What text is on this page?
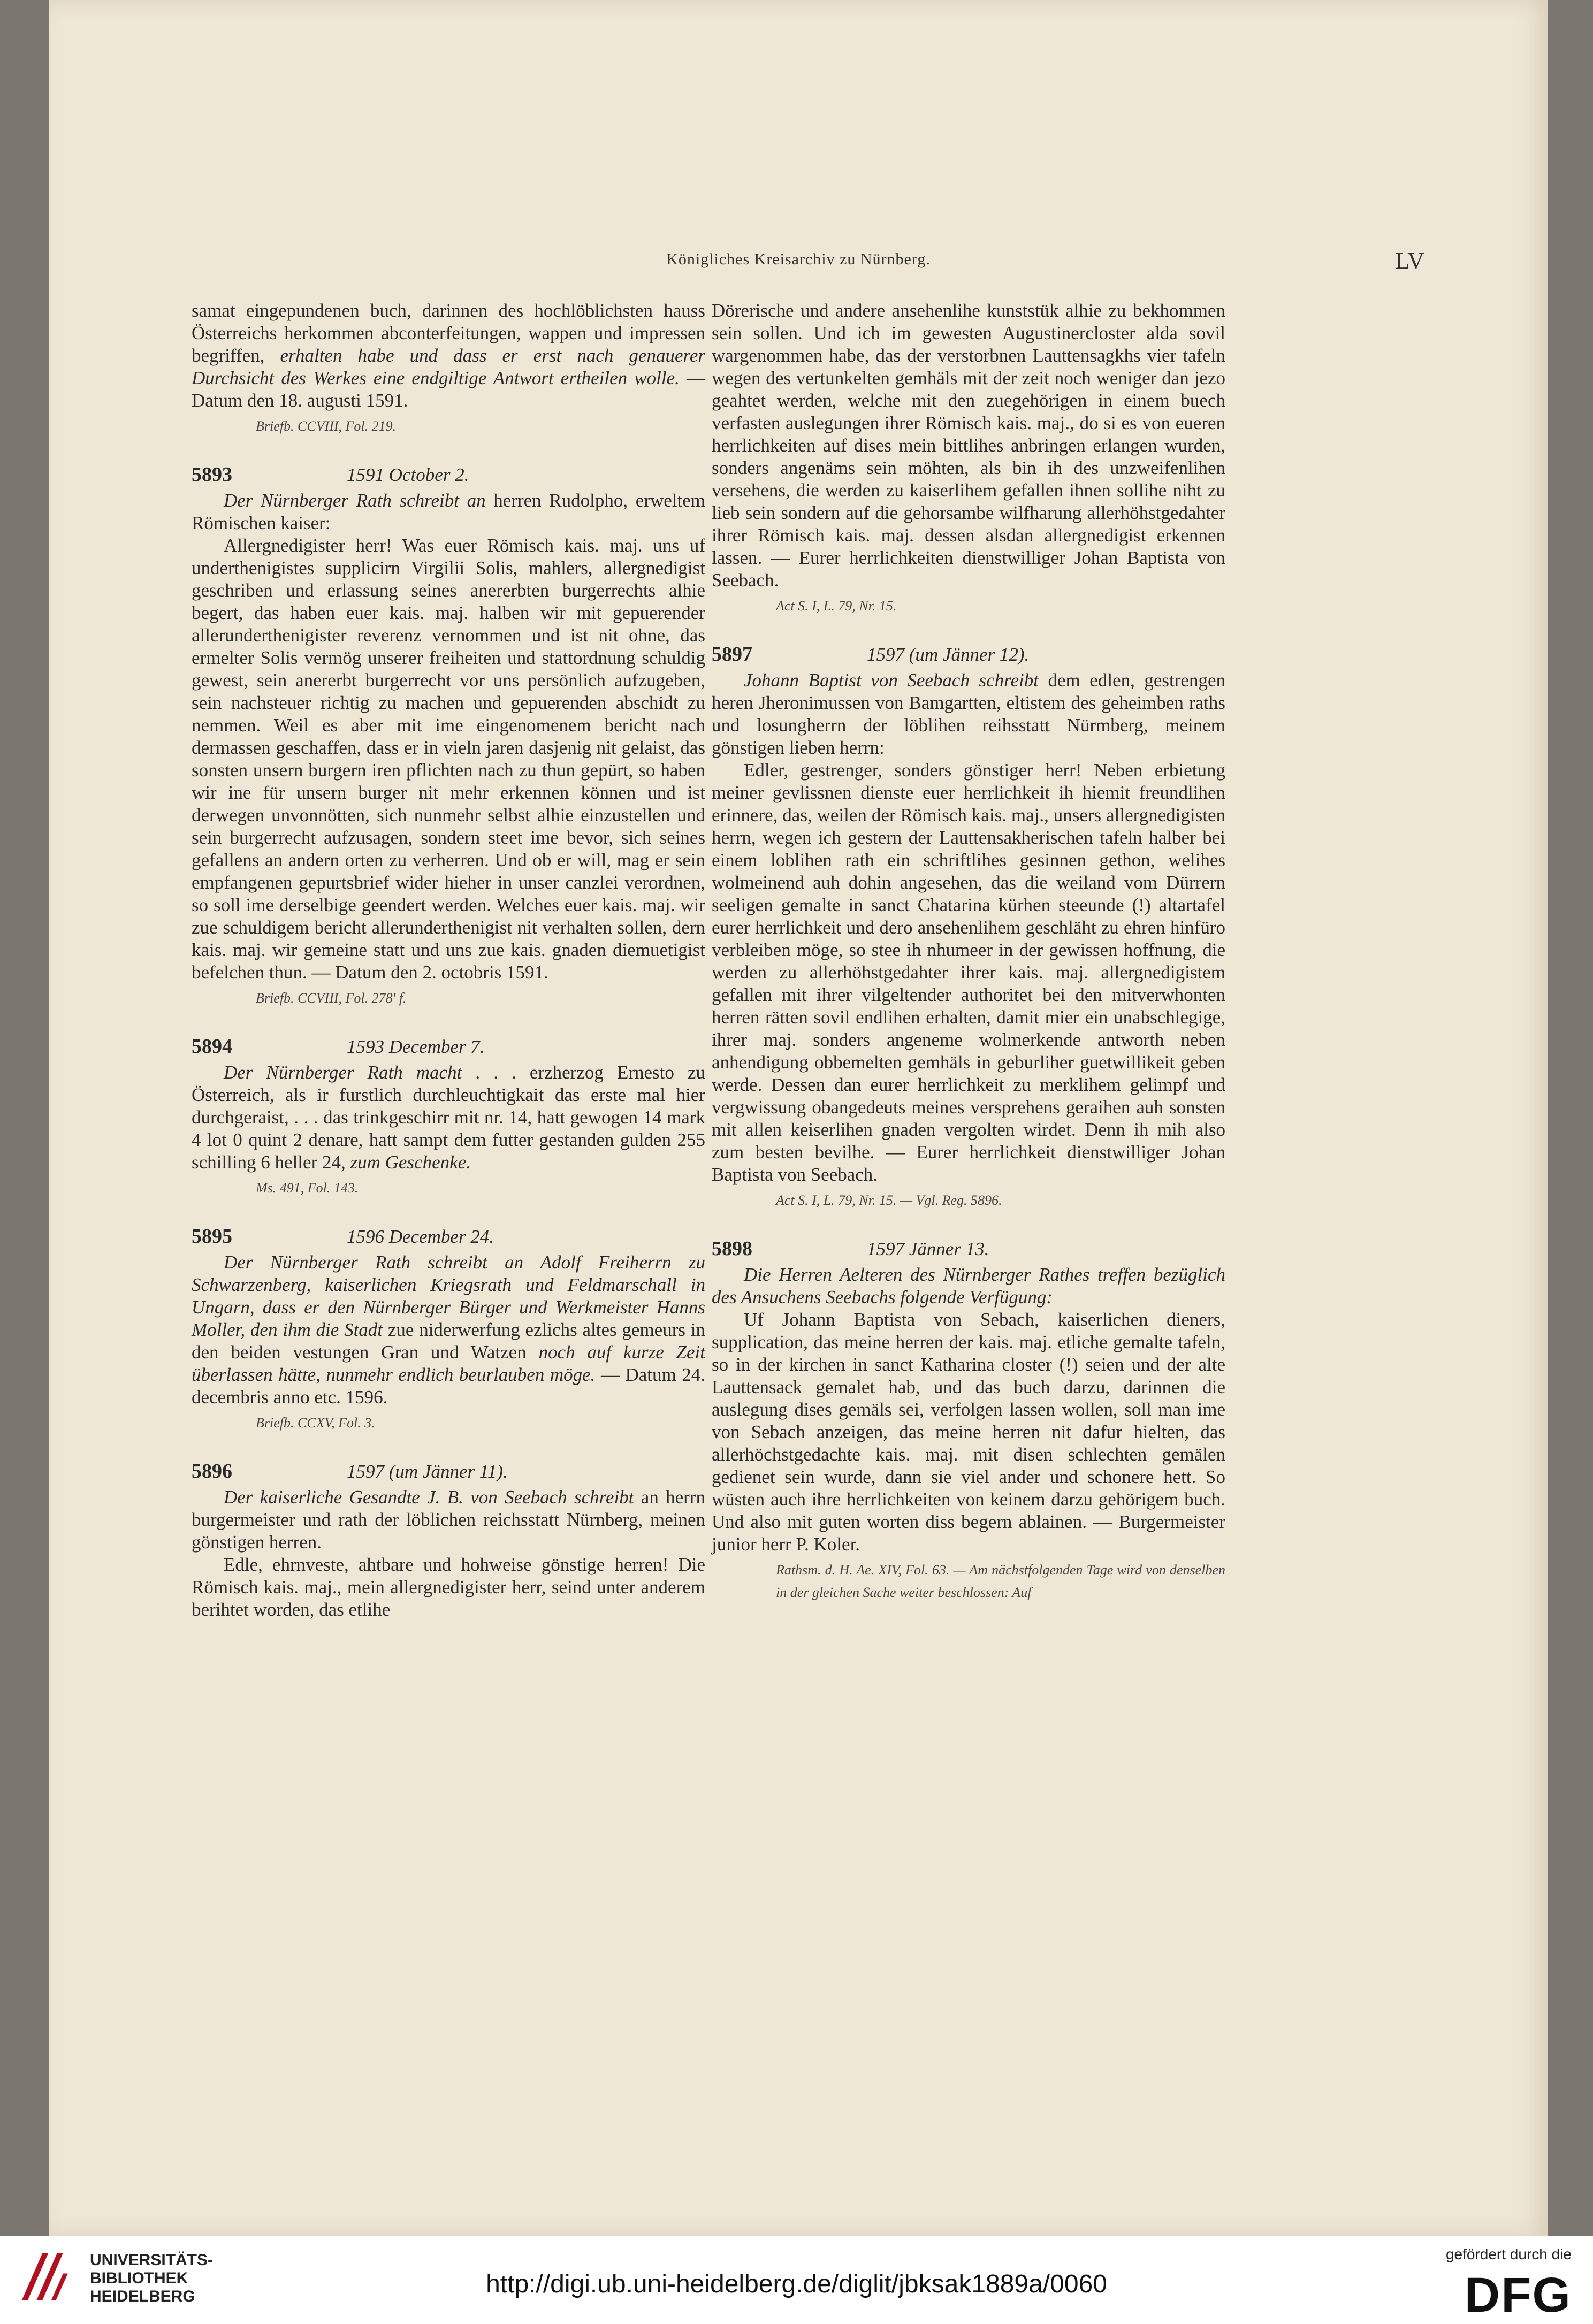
Königliches Kreisarchiv zu Nürnberg.	LV

samat eingepundenen buch, darinnen des hochlöblichsten hauss Österreichs herkommen abconterfeitungen, wappen und impressen begriffen, erhalten habe und dass er erst nach genauerer Durchsicht des Werkes eine endgiltige Antwort ertheilen wolle. — Datum den 18. augusti 1591.

Briefb. CCVIII, Fol. 219.

5893	1591 October 2.

Der Nürnberger Rath schreibt an herren Rudolpho, erweltem Römischen kaiser:

Allergnedigister herr! Was euer Römisch kais. maj. uns uf underthenigistes supplicirn Virgilii Solis, mahlers, allergnedigist geschriben und erlassung seines anererbten burgerrechts alhie begert, das haben euer kais. maj. halben wir mit gepuerender allerunderthenigister reverenz vernommen und ist nit ohne, das ermelter Solis vermög unserer freiheiten und stattordnung schuldig gewest, sein anererbt burgerrecht vor uns persönlich aufzugeben, sein nachsteuer richtig zu machen und gepuerenden abschidt zu nemmen. Weil es aber mit ime eingenomenem bericht nach dermassen geschaffen, dass er in vieln jaren dasjenig nit gelaist, das sonsten unsern burgern iren pflichten nach zu thun gepürt, so haben wir ine für unsern burger nit mehr erkennen können und ist derwegen unvonnötten, sich nunmehr selbst alhie einzustellen und sein burgerrecht aufzusagen, sondern steet ime bevor, sich seines gefallens an andern orten zu verherren. Und ob er will, mag er sein empfangenen gepurtsbrief wider hieher in unser canzlei verordnen, so soll ime derselbige geendert werden. Welches euer kais. maj. wir zue schuldigem bericht allerunderthenigist nit verhalten sollen, dern kais. maj. wir gemeine statt und uns zue kais. gnaden diemuetigist befelchen thun. — Datum den 2. octobris 1591.

Briefb. CCVIII, Fol. 278' f.

5894	1593 December 7.

Der Nürnberger Rath macht . . . erzherzog Ernesto zu Österreich, als ir furstlich durchleuchtigkait das erste mal hier durchgeraist, . . . das trinkgeschirr mit nr. 14, hatt gewogen 14 mark 4 lot 0 quint 2 denare, hatt sampt dem futter gestanden gulden 255 schilling 6 heller 24, zum Geschenke.

Ms. 491, Fol. 143.

5895	1596 December 24.

Der Nürnberger Rath schreibt an Adolf Freiherrn zu Schwarzenberg, kaiserlichen Kriegsrath und Feldmarschall in Ungarn, dass er den Nürnberger Bürger und Werkmeister Hanns Moller, den ihm die Stadt zue niderwerfung ezlichs altes gemeurs in den beiden vestungen Gran und Watzen noch auf kurze Zeit überlassen hätte, nunmehr endlich beurlauben möge. — Datum 24. decembris anno etc. 1596.

Briefb. CCXV, Fol. 3.

5896	1597 (um Jänner 11).

Der kaiserliche Gesandte J. B. von Seebach schreibt an herrn burgermeister und rath der löblichen reichsstatt Nürnberg, meinen gönstigen herren.

Edle, ehrnveste, ahtbare und hohweise gönstige herren! Die Römisch kais. maj., mein allergnedigister herr, seind unter anderem berihtet worden, das etlihe

Dörerische und andere ansehenlihe kunststük alhie zu bekhommen sein sollen. Und ich im gewesten Augustinercloster alda sovil wargenommen habe, das der verstorbnen Lauttensagkhs vier tafeln wegen des vertunkelten gemhäls mit der zeit noch weniger dan jezo geahtet werden, welche mit den zuegehörigen in einem buech verfasten auslegungen ihrer Römisch kais. maj., do si es von eueren herrlichkeiten auf dises mein bittlihes anbringen erlangen wurden, sonders angenäms sein möhten, als bin ih des unzweifenlihen versehens, die werden zu kaiserlihem gefallen ihnen sollihe niht zu lieb sein sondern auf die gehorsambe wilfharung allerhöhstgedahter ihrer Römisch kais. maj. dessen alsdan allergnedigist erkennen lassen. — Eurer herrlichkeiten dienstwilliger Johan Baptista von Seebach.

Act S. I, L. 79, Nr. 15.

5897	1597 (um Jänner 12).

Johann Baptist von Seebach schreibt dem edlen, gestrengen heren Jheronimussen von Bamgartten, eltistem des geheimben raths und losungherrn der löblihen reihsstatt Nürmberg, meinem gönstigen lieben herrn:

Edler, gestrenger, sonders gönstiger herr! Neben erbietung meiner gevlissnen dienste euer herrlichkeit ih hiemit freundlihen erinnere, das, weilen der Römisch kais. maj., unsers allergnedigisten herrn, wegen ich gestern der Lauttensakherischen tafeln halber bei einem loblihen rath ein schriftlihes gesinnen gethon, welihes wolmeinend auh dohin angesehen, das die weiland vom Dürrern seeligen gemalte in sanct Chatarina kürhen steeunde (!) altartafel eurer herrlichkeit und dero ansehenlihem geschläht zu ehren hinfüro verbleiben möge, so stee ih nhumeer in der gewissen hoffnung, die werden zu allerhöhstgedahter ihrer kais. maj. allergnedigistem gefallen mit ihrer vilgeltender authoritet bei den mitverwhonten herren rätten sovil endlihen erhalten, damit mier ein unabschlegige, ihrer maj. sonders angeneme wolmerkende antworth neben anhendigung obbemelten gemhäls in geburliher guetwillikeit geben werde. Dessen dan eurer herrlichkeit zu merklihem gelimpf und vergwissung obangedeuts meines versprehens geraihen auh sonsten mit allen keiserlihen gnaden vergolten wirdet. Denn ih mih also zum besten bevilhe. — Eurer herrlichkeit dienstwilliger Johan Baptista von Seebach.

Act S. I, L. 79, Nr. 15. — Vgl. Reg. 5896.

5898	1597 Jänner 13.

Die Herren Aelteren des Nürnberger Rathes treffen bezüglich des Ansuchens Seebachs folgende Verfügung:

Uf Johann Baptista von Sebach, kaiserlichen dieners, supplication, das meine herren der kais. maj. etliche gemalte tafeln, so in der kirchen in sanct Katharina closter (!) seien und der alte Lauttensack gemalet hab, und das buch darzu, darinnen die auslegung dises gemäls sei, verfolgen lassen wollen, soll man ime von Sebach anzeigen, das meine herren nit dafur hielten, das allerhöchstgedachte kais. maj. mit disen schlechten gemälen gedienet sein wurde, dann sie viel ander und schonere hett. So wüsten auch ihre herrlichkeiten von keinem darzu gehörigem buch. Und also mit guten worten diss begern ablainen. — Burgermeister junior herr P. Koler.

Rathsm. d. H. Ae. XIV, Fol. 63. — Am nächstfolgenden Tage wird von denselben in der gleichen Sache weiter beschlossen: Auf

UNIVERSITÄTS-
BIBLIOTHEK
HEIDELBERG	http://digi.ub.uni-heidelberg.de/diglit/jbksak1889a/0060
gefördert durch die
DFG
